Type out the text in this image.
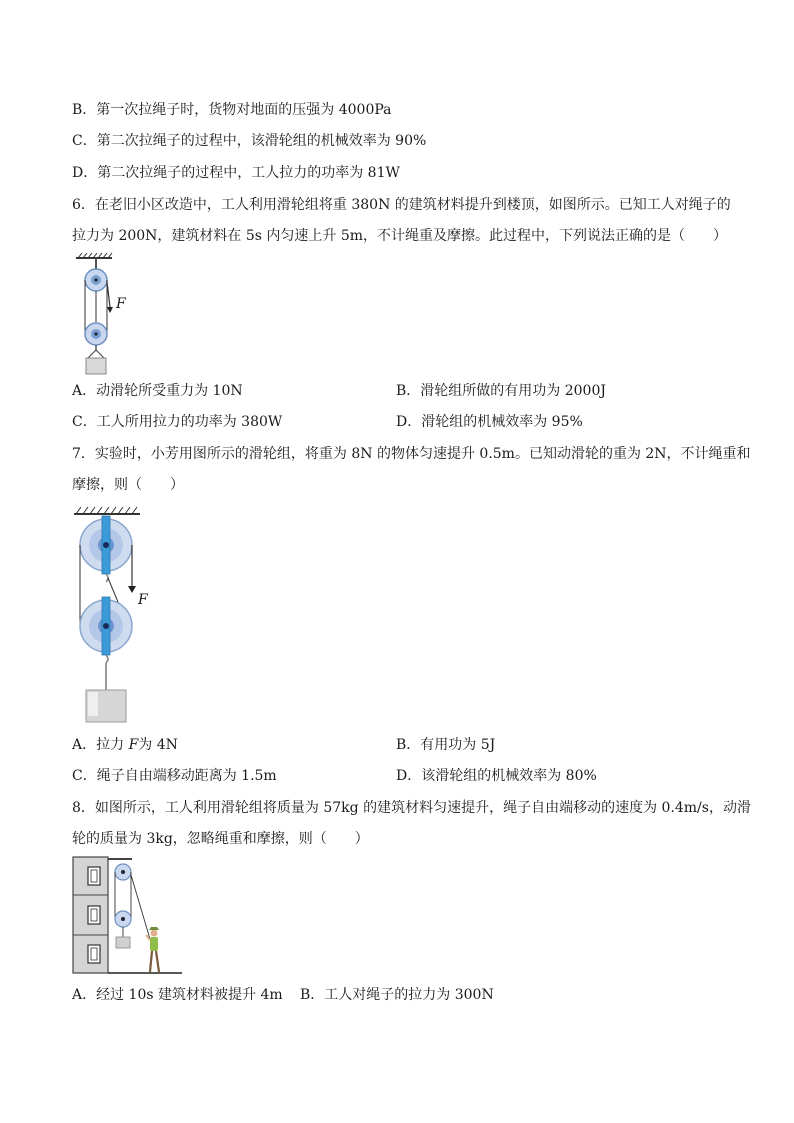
B．第一次拉绳子时，货物对地面的压强为 4000Pa
C．第二次拉绳子的过程中，该滑轮组的机械效率为 90%
D．第二次拉绳子的过程中，工人拉力的功率为 81W
6．在老旧小区改造中，工人利用滑轮组将重 380N 的建筑材料提升到楼顶，如图所示。已知工人对绳子的
拉力为 200N，建筑材料在 5s 内匀速上升 5m，不计绳重及摩擦。此过程中，下列说法正确的是（　　）
F
A．动滑轮所受重力为 10N	B．滑轮组所做的有用功为 2000J
C．工人所用拉力的功率为 380W	D．滑轮组的机械效率为 95%
7．实验时，小芳用图所示的滑轮组，将重为 8N 的物体匀速提升 0.5m。已知动滑轮的重为 2N，不计绳重和
摩擦，则（　　）
F
A．拉力 F为 4N	B．有用功为 5J
C．绳子自由端移动距离为 1.5m	D．该滑轮组的机械效率为 80%
8．如图所示，工人利用滑轮组将质量为 57kg 的建筑材料匀速提升，绳子自由端移动的速度为 0.4m/s，动滑
轮的质量为 3kg，忽略绳重和摩擦，则（　　）
A．经过 10s 建筑材料被提升 4m B．工人对绳子的拉力为 300N
